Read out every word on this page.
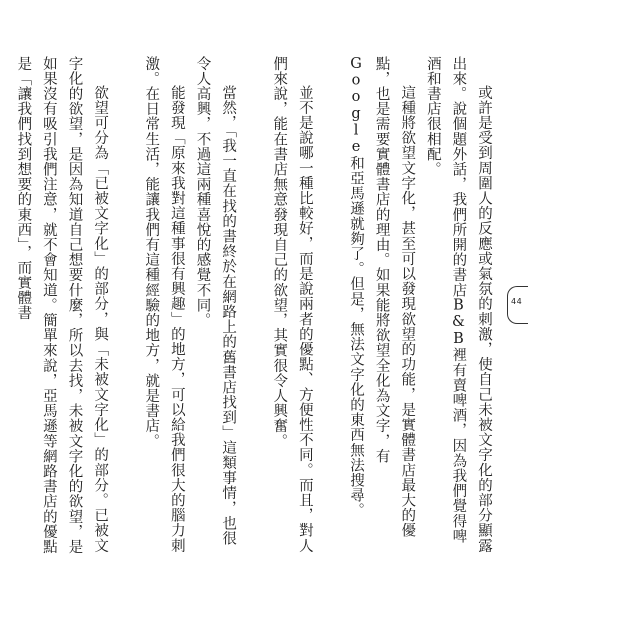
或許是受到周圍人的反應或氣氛的刺激，使自己未被文字化的部分顯露出來。說個題外話，我們所開的書店B&B裡有賣啤酒，因為我們覺得啤酒和書店很相配。

這種將欲望文字化，甚至可以發現欲望的功能，是實體書店最大的優點，也是需要實體書店的理由。如果能將欲望全化為文字，有Google和亞馬遜就夠了。但是，無法文字化的東西無法搜尋。

並不是說哪一種比較好，而是說兩者的優點、方便性不同。而且，對人們來說，能在書店無意發現自己的欲望，其實很令人興奮。

當然，「我一直在找的書終於在網路上的舊書店找到」這類事情，也很令人高興，不過這兩種喜悅的感覺不同。

能發現「原來我對這種事很有興趣」的地方，可以給我們很大的腦力刺激。在日常生活，能讓我們有這種經驗的地方，就是書店。

欲望可分為「已被文字化」的部分，與「未被文字化」的部分。已被文字化的欲望，是因為知道自己想要什麼，所以去找，未被文字化的欲望，是如果沒有吸引我們注意，就不會知道。簡單來說，亞馬遜等網路書店的優點是「讓我們找到想要的東西」，而實體書	44
